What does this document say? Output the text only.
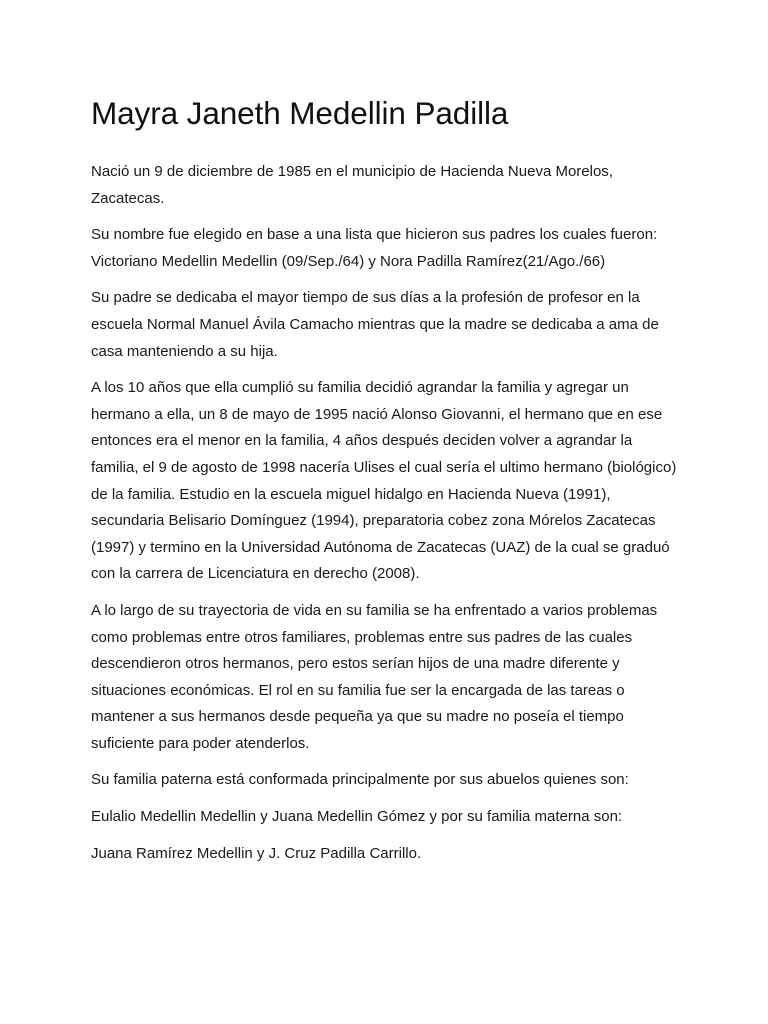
Mayra Janeth Medellin Padilla

Nació un 9 de diciembre de 1985 en el municipio de Hacienda Nueva Morelos, Zacatecas.

Su nombre fue elegido en base a una lista que hicieron sus padres los cuales fueron: Victoriano Medellin Medellin (09/Sep./64) y Nora Padilla Ramírez(21/Ago./66)

Su padre se dedicaba el mayor tiempo de sus días a la profesión de profesor en la escuela Normal Manuel Ávila Camacho mientras que la madre se dedicaba a ama de casa manteniendo a su hija.

A los 10 años que ella cumplió su familia decidió agrandar la familia y agregar un hermano a ella, un 8 de mayo de 1995 nació Alonso Giovanni, el hermano que en ese entonces era el menor en la familia, 4 años después deciden volver a agrandar la familia, el 9 de agosto de 1998 nacería Ulises el cual sería el ultimo hermano (biológico) de la familia. Estudio en la escuela miguel hidalgo en Hacienda Nueva (1991), secundaria Belisario Domínguez (1994), preparatoria cobez zona Mórelos Zacatecas (1997) y termino en la Universidad Autónoma de Zacatecas (UAZ) de la cual se graduó con la carrera de Licenciatura en derecho (2008).

A lo largo de su trayectoria de vida en su familia se ha enfrentado a varios problemas como problemas entre otros familiares, problemas entre sus padres de las cuales descendieron otros hermanos, pero estos serían hijos de una madre diferente y situaciones económicas. El rol en su familia fue ser la encargada de las tareas o mantener a sus hermanos desde pequeña ya que su madre no poseía el tiempo suficiente para poder atenderlos.

Su familia paterna está conformada principalmente por sus abuelos quienes son:

Eulalio Medellin Medellin y Juana Medellin Gómez y por su familia materna son:

Juana Ramírez Medellin y J. Cruz Padilla Carrillo.
